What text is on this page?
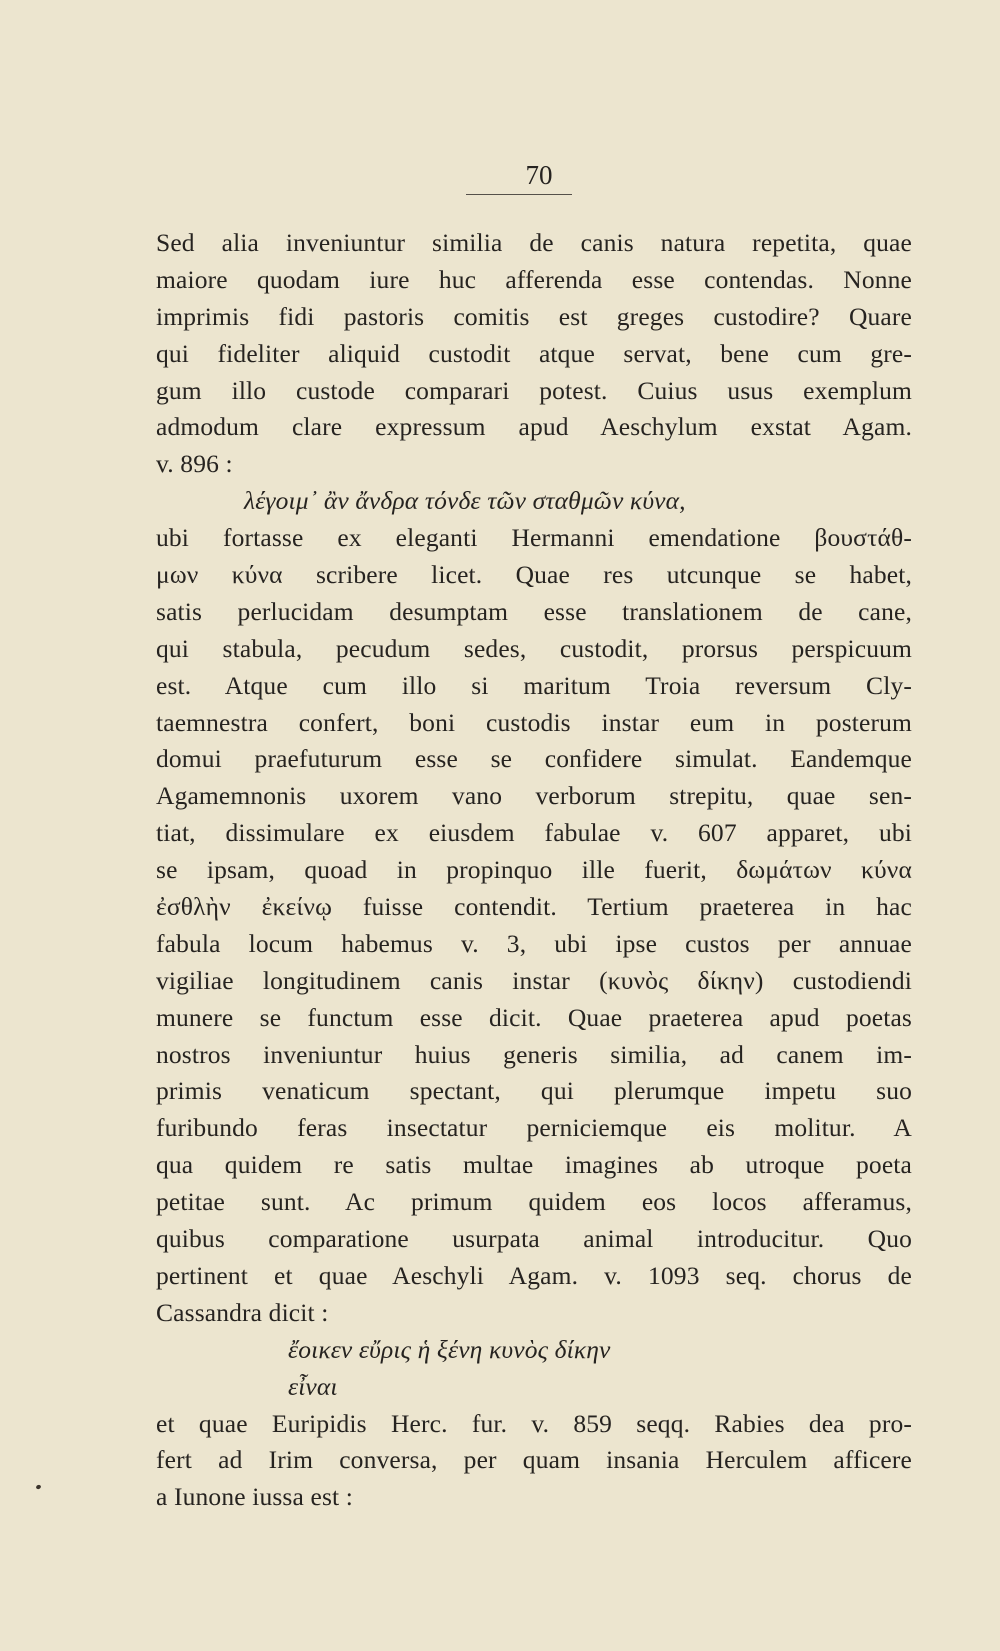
70
Sed alia inveniuntur similia de canis natura repetita, quae
maiore quodam iure huc afferenda esse contendas. Nonne
imprimis fidi pastoris comitis est greges custodire? Quare
qui fideliter aliquid custodit atque servat, bene cum gre-
gum illo custode comparari potest. Cuius usus exemplum
admodum clare expressum apud Aeschylum exstat Agam.
v. 896 :
λέγοιμ᾽ ἂν ἄνδρα τόνδε τῶν σταθμῶν κύνα,
ubi fortasse ex eleganti Hermanni emendatione βουστάθ-
μων κύνα scribere licet. Quae res utcunque se habet,
satis perlucidam desumptam esse translationem de cane,
qui stabula, pecudum sedes, custodit, prorsus perspicuum
est. Atque cum illo si maritum Troia reversum Cly-
taemnestra confert, boni custodis instar eum in posterum
domui praefuturum esse se confidere simulat. Eandemque
Agamemnonis uxorem vano verborum strepitu, quae sen-
tiat, dissimulare ex eiusdem fabulae v. 607 apparet, ubi
se ipsam, quoad in propinquo ille fuerit, δωμάτων κύνα
ἐσθλὴν ἐκείνῳ fuisse contendit. Tertium praeterea in hac
fabula locum habemus v. 3, ubi ipse custos per annuae
vigiliae longitudinem canis instar (κυνὸς δίκην) custodiendi
munere se functum esse dicit. Quae praeterea apud poetas
nostros inveniuntur huius generis similia, ad canem im-
primis venaticum spectant, qui plerumque impetu suo
furibundo feras insectatur perniciemque eis molitur. A
qua quidem re satis multae imagines ab utroque poeta
petitae sunt. Ac primum quidem eos locos afferamus,
quibus comparatione usurpata animal introducitur. Quo
pertinent et quae Aeschyli Agam. v. 1093 seq. chorus de
Cassandra dicit :
ἔοικεν εὔρις ἡ ξένη κυνὸς δίκην
εἶναι
et quae Euripidis Herc. fur. v. 859 seqq. Rabies dea pro-
fert ad Irim conversa, per quam insania Herculem afficere
a Iunone iussa est :
